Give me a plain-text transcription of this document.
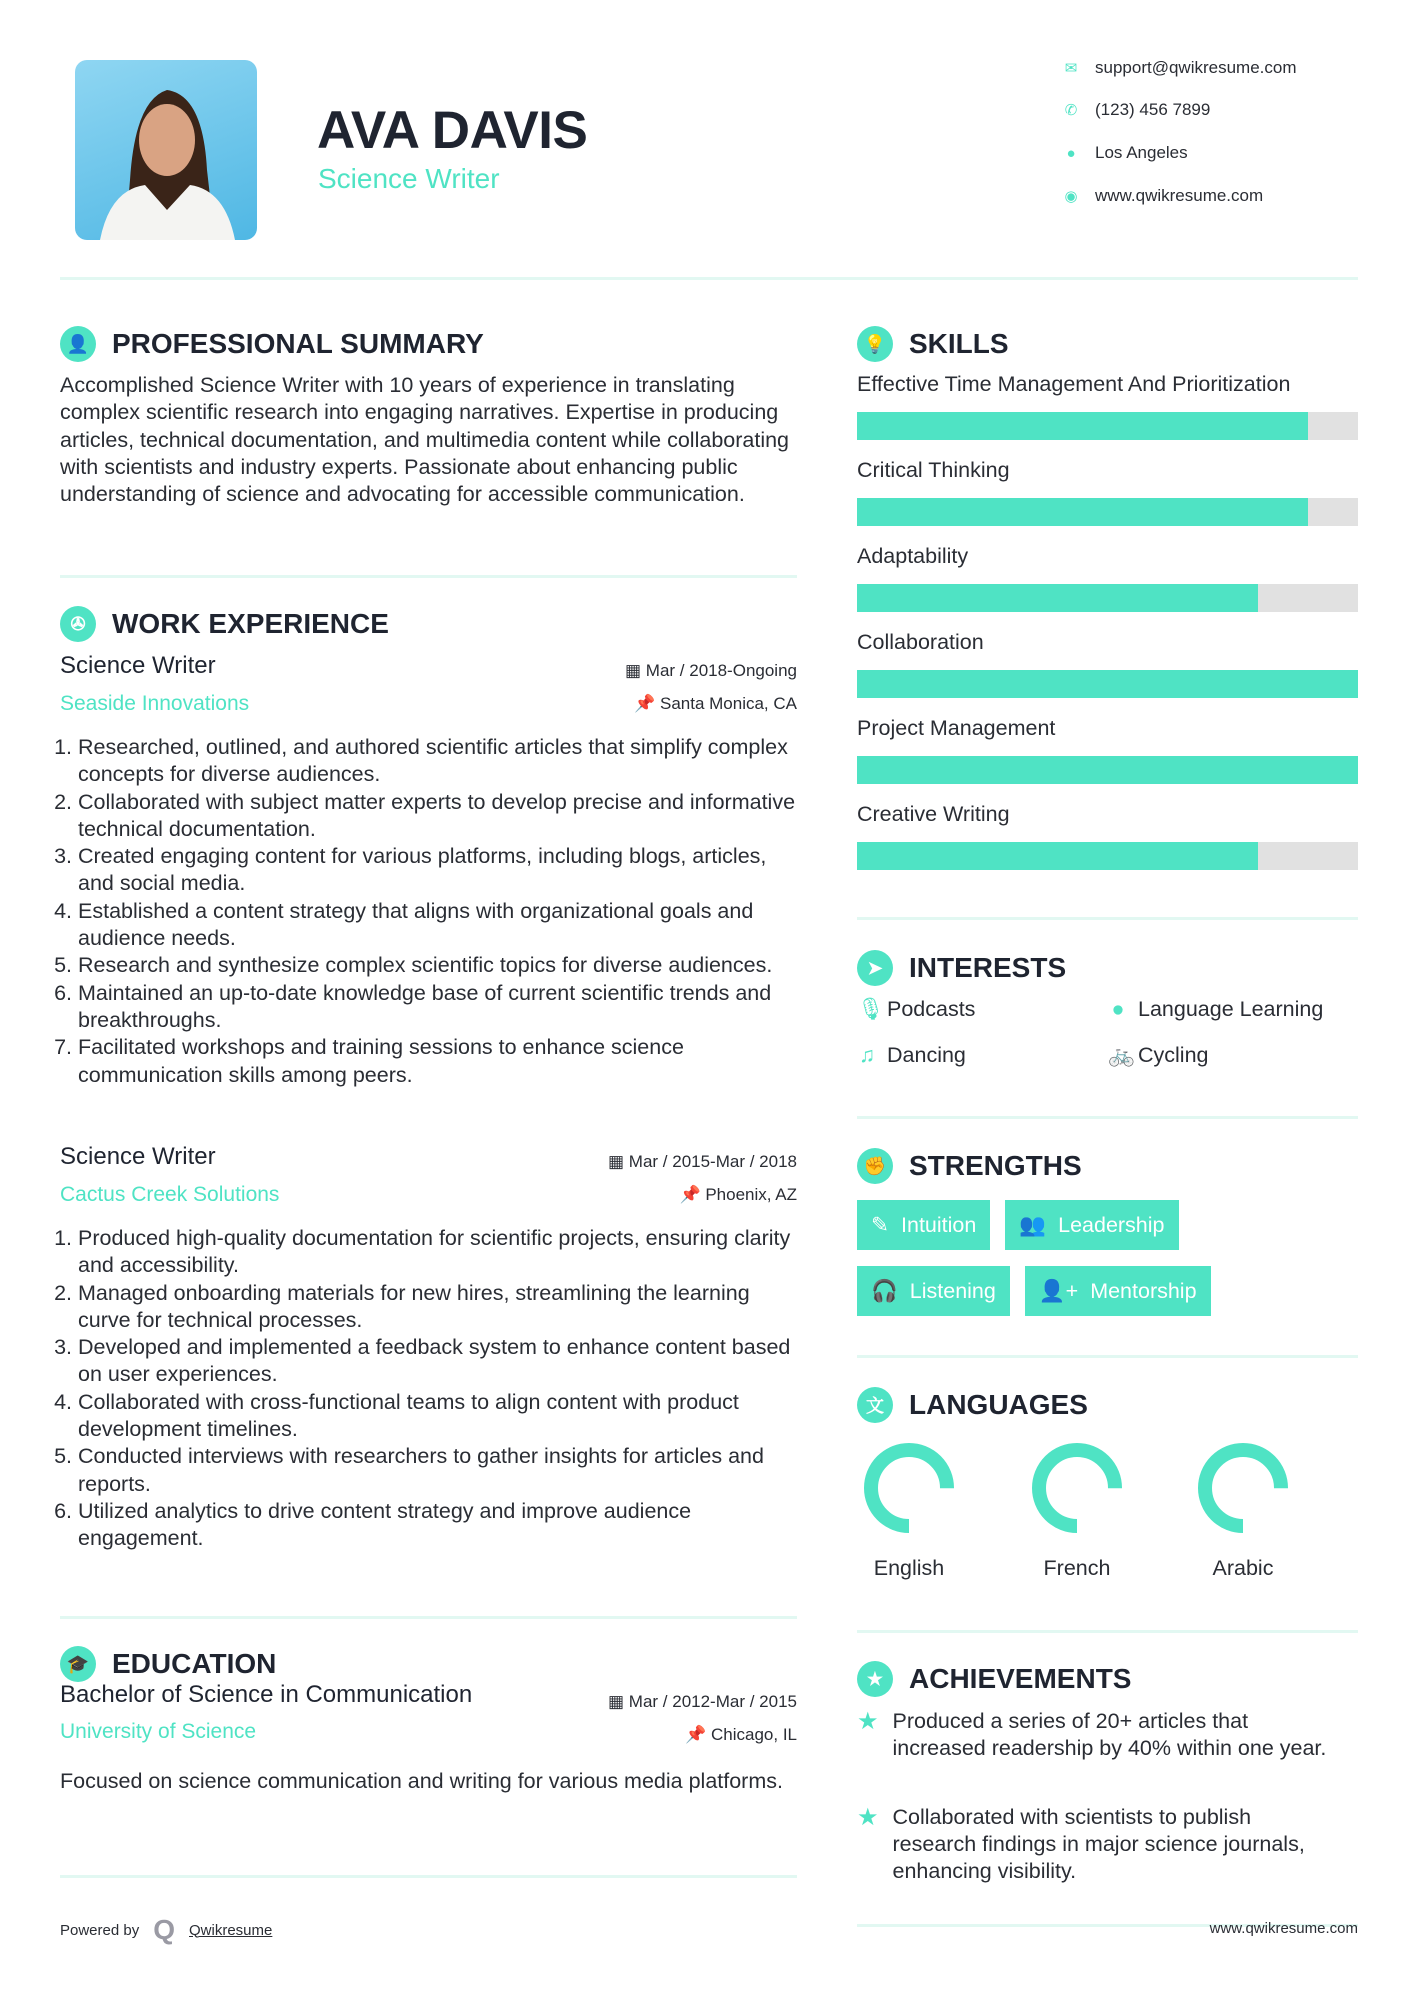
AVA DAVIS
Science Writer
✉ support@qwikresume.com
✆ (123) 456 7899
● Los Angeles
◉ www.qwikresume.com
👤 PROFESSIONAL SUMMARY
Accomplished Science Writer with 10 years of experience in translating complex scientific research into engaging narratives. Expertise in producing articles, technical documentation, and multimedia content while collaborating with scientists and industry experts. Passionate about enhancing public understanding of science and advocating for accessible communication.
✇ WORK EXPERIENCE
Science Writer	▦ Mar / 2018-Ongoing
Seaside Innovations	📌 Santa Monica, CA
1. Researched, outlined, and authored scientific articles that simplify complex concepts for diverse audiences.
2. Collaborated with subject matter experts to develop precise and informative technical documentation.
3. Created engaging content for various platforms, including blogs, articles, and social media.
4. Established a content strategy that aligns with organizational goals and audience needs.
5. Research and synthesize complex scientific topics for diverse audiences.
6. Maintained an up-to-date knowledge base of current scientific trends and breakthroughs.
7. Facilitated workshops and training sessions to enhance science communication skills among peers.
Science Writer	▦ Mar / 2015-Mar / 2018
Cactus Creek Solutions	📌 Phoenix, AZ
1. Produced high-quality documentation for scientific projects, ensuring clarity and accessibility.
2. Managed onboarding materials for new hires, streamlining the learning curve for technical processes.
3. Developed and implemented a feedback system to enhance content based on user experiences.
4. Collaborated with cross-functional teams to align content with product development timelines.
5. Conducted interviews with researchers to gather insights for articles and reports.
6. Utilized analytics to drive content strategy and improve audience engagement.
🎓 EDUCATION
Bachelor of Science in Communication	▦ Mar / 2012-Mar / 2015
University of Science	📌 Chicago, IL
Focused on science communication and writing for various media platforms.
Powered by Q Qwikresume
💡 SKILLS
Effective Time Management And Prioritization
Critical Thinking
Adaptability
Collaboration
Project Management
Creative Writing
➤ INTERESTS
🎙 Podcasts	● Language Learning
♫ Dancing	🚲 Cycling
✊ STRENGTHS
✎ Intuition 👥 Leadership
🎧 Listening 👤+ Mentorship
文 LANGUAGES
English	French	Arabic
★ ACHIEVEMENTS
★ Produced a series of 20+ articles that increased readership by 40% within one year.
★ Collaborated with scientists to publish research findings in major science journals, enhancing visibility.
www.qwikresume.com
